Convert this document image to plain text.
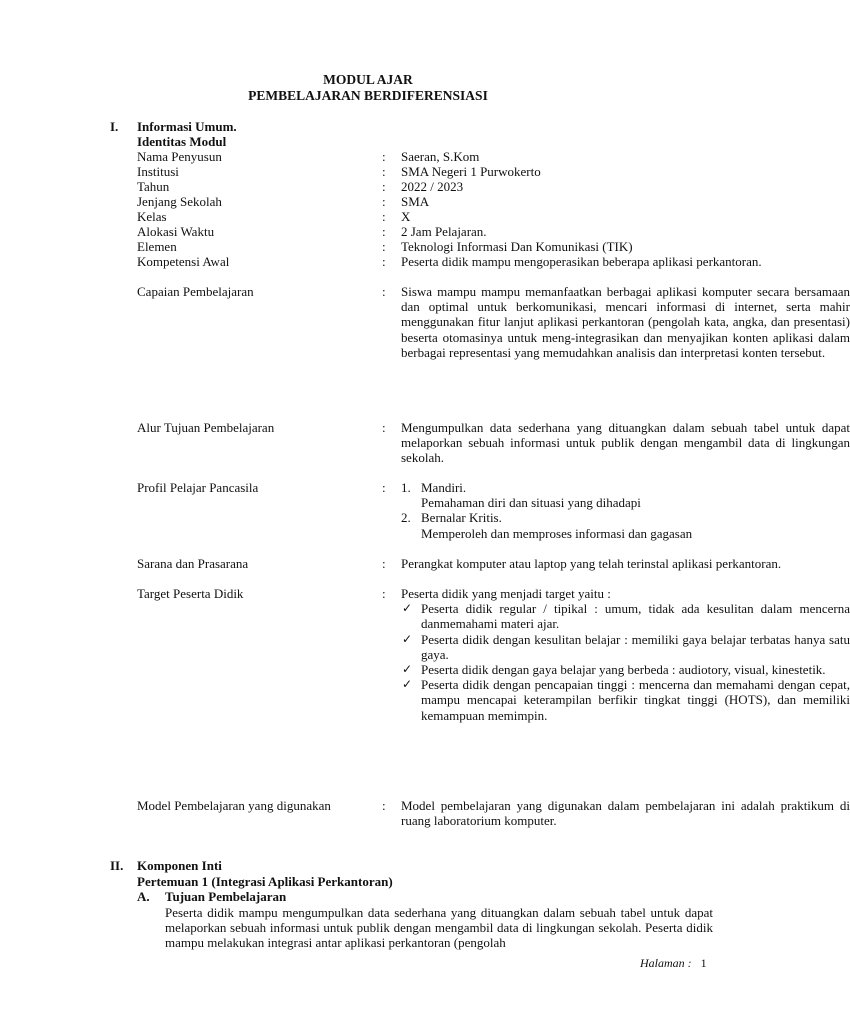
MODUL AJAR
PEMBELAJARAN BERDIFERENSIASI
I. Informasi Umum.
Identitas Modul
Nama Penyusun	:	Saeran, S.Kom
Institusi	:	SMA Negeri 1 Purwokerto
Tahun	:	2022 / 2023
Jenjang Sekolah	:	SMA
Kelas	:	X
Alokasi Waktu	:	2 Jam Pelajaran.
Elemen	:	Teknologi Informasi Dan Komunikasi (TIK)
Kompetensi Awal	:	Peserta didik mampu mengoperasikan beberapa aplikasi perkantoran.
Capaian Pembelajaran	:	Siswa mampu mampu memanfaatkan berbagai aplikasi komputer secara bersamaan dan optimal untuk berkomunikasi, mencari informasi di internet, serta mahir menggunakan fitur lanjut aplikasi perkantoran (pengolah kata, angka, dan presentasi) beserta otomasinya untuk meng-integrasikan dan menyajikan konten aplikasi dalam berbagai representasi yang memudahkan analisis dan interpretasi konten tersebut.
Alur Tujuan Pembelajaran	:	Mengumpulkan data sederhana yang dituangkan dalam sebuah tabel untuk dapat melaporkan sebuah informasi untuk publik dengan mengambil data di lingkungan sekolah.
Profil Pelajar Pancasila	:	1. Mandiri.
Pemahaman diri dan situasi yang dihadapi
2. Bernalar Kritis.
Memperoleh dan memproses informasi dan gagasan
Sarana dan Prasarana	:	Perangkat komputer atau laptop yang telah terinstal aplikasi perkantoran.
Target Peserta Didik	:	Peserta didik yang menjadi target yaitu :
✓ Peserta didik regular / tipikal : umum, tidak ada kesulitan dalam mencerna danmemahami materi ajar.
✓ Peserta didik dengan kesulitan belajar : memiliki gaya belajar terbatas hanya satu gaya.
✓ Peserta didik dengan gaya belajar yang berbeda : audiotory, visual, kinestetik.
✓ Peserta didik dengan pencapaian tinggi : mencerna dan memahami dengan cepat, mampu mencapai keterampilan berfikir tingkat tinggi (HOTS), dan memiliki kemampuan memimpin.
Model Pembelajaran yang digunakan	:	Model pembelajaran yang digunakan dalam pembelajaran ini adalah praktikum di ruang laboratorium komputer.
II. Komponen Inti
Pertemuan 1 (Integrasi Aplikasi Perkantoran)
A. Tujuan Pembelajaran
Peserta didik mampu mengumpulkan data sederhana yang dituangkan dalam sebuah tabel untuk dapat melaporkan sebuah informasi untuk publik dengan mengambil data di lingkungan sekolah. Peserta didik mampu melakukan integrasi antar aplikasi perkantoran (pengolah
Halaman : 1
